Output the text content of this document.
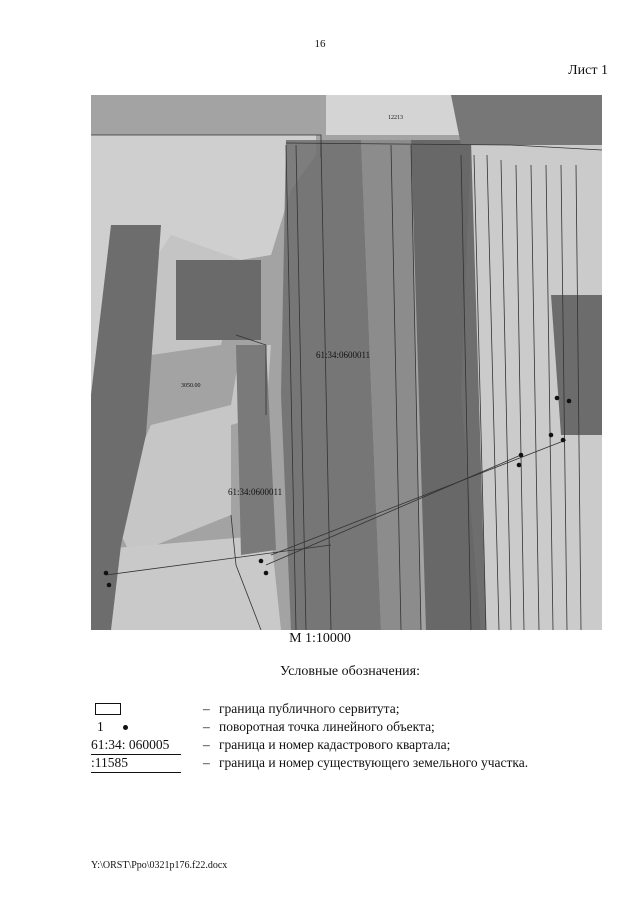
16
Лист 1
61:34:0600011
61:34:0600011
12213
3050.00
М 1:10000
Условные обозначения:
– граница публичного сервитута;
1	– поворотная точка линейного объекта;
61:34: 060005	– граница и номер кадастрового квартала;
:11585	– граница и номер существующего земельного участка.
Y:\ORST\Ppo\0321p176.f22.docx
